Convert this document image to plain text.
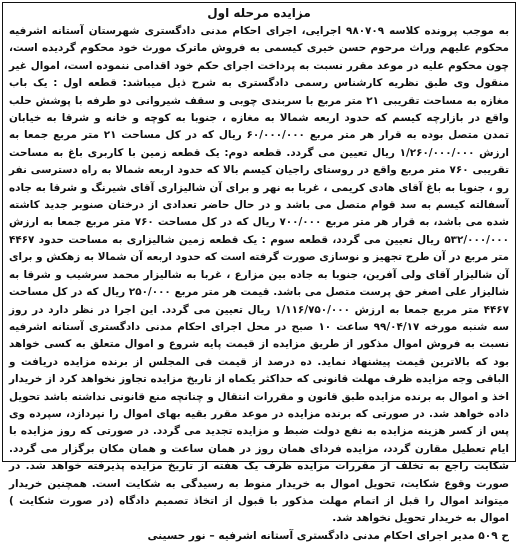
مزایده مرحله اول

به موجب پرونده کلاسه ۹۸۰۷۰۹ اجرایی، اجرای احکام مدنی دادگستری شهرستان آستانه اشرفیه محکوم علیهم وراث مرحوم حسن خیری کیسمی به فروش ماترک مورث خود محکوم گردیده است، چون محکوم علیه در موعد مقرر نسبت به پرداخت اجرای حکم خود اقدامی ننموده است، اموال غیر منقول وی طبق نظریه کارشناس رسمی دادگستری به شرح ذیل میباشد: قطعه اول : یک باب مغازه به مساحت تقریبی ۲۱ متر مربع با سربندی چوبی و سقف شیروانی دو طرفه با پوشش حلب واقع در بازارچه کیسم که حدود اربعه شمالا به مغازه ، جنوبا به کوچه و خانه و شرقا به خیابان تمدن متصل بوده به قرار هر متر مربع ۶۰/۰۰۰/۰۰۰ ریال که در کل مساحت ۲۱ متر مربع جمعا به ارزش ۱/۲۶۰/۰۰۰/۰۰۰ ریال تعیین می گردد. قطعه دوم: یک قطعه زمین با کاربری باغ به مساحت تقریبی ۷۶۰ متر مربع واقع در روستای راجیان کیسم بالا که حدود اربعه شمالا به راه دسترسی نفر رو ، جنوبا به باغ آقای هادی کریمی ، غربا به نهر و برای آن شالیزاری آقای شیرنگ و شرقا به جاده آسفالته کیسم به سد قوام متصل می باشد و در حال حاضر تعدادی از درختان صنوبر جدید کاشته شده می باشد، به قرار هر متر مربع ۷۰۰/۰۰۰ ریال که در کل مساحت ۷۶۰ متر مربع جمعا به ارزش ۵۳۲/۰۰۰/۰۰۰ ریال تعیین می گردد، قطعه سوم : یک قطعه زمین شالیزاری به مساحت حدود ۴۴۶۷ متر مربع در آن طرح تجهیز و نوسازی صورت گرفته است که حدود اربعه آن شمالا به زهکش و برای آن شالیزار آقای ولی آفرین، جنوبا به جاده بین مزارع ، غربا به شالیزار محمد سرشیب و شرقا به شالیزار علی اصغر حق پرست متصل می باشد. قیمت هر متر مربع ۲۵۰/۰۰۰ ریال که در کل مساحت ۴۴۶۷ متر مربع جمعا به ارزش ۱/۱۱۶/۷۵۰/۰۰۰ ریال تعیین می گردد. این اجرا در نظر دارد در روز سه شنبه مورخه ۹۹/۰۴/۱۷ ساعت ۱۰ صبح در محل اجرای احکام مدنی دادگستری آستانه اشرفیه نسبت به فروش اموال مذکور از طریق مزایده از قیمت پایه شروع و اموال متعلق به کسی خواهد بود که بالاترین قیمت پیشنهاد نماید. ده درصد از قیمت فی المجلس از برنده مزایده دریافت و الباقی وجه مزایده ظرف مهلت قانونی که حداکثر یکماه از تاریخ مزایده تجاوز نخواهد کرد از خریدار اخذ و اموال به برنده مزایده طبق قانون و مقررات انتقال و چنانچه منع قانونی نداشته باشد تحویل داده خواهد شد. در صورتی که برنده مزایده در موعد مقرر بقیه بهای اموال را نپردازد، سپرده وی پس از کسر هزینه مزایده به نفع دولت ضبط و مزایده تجدید می گردد. در صورتی که روز مزایده با ایام تعطیل مقارن گردد، مزایده فردای همان روز در همان ساعت و همان مکان برگزار می گردد. شکایت راجع به تخلف از مقررات مزایده ظرف یک هفته از تاریخ مزایده پذیرفته خواهد شد. در صورت وقوع شکایت، تحویل اموال به خریدار منوط به رسیدگی به شکایت است. همچنین خریدار میتواند اموال را قبل از اتمام مهلت مذکور با قبول از اتخاذ تصمیم دادگاه (در صورت شکایت ) اموال به خریدار تحویل نخواهد شد.

ح ۵۰۹ مدیر اجرای احکام مدنی دادگستری آستانه اشرفیه – نور حسینی
